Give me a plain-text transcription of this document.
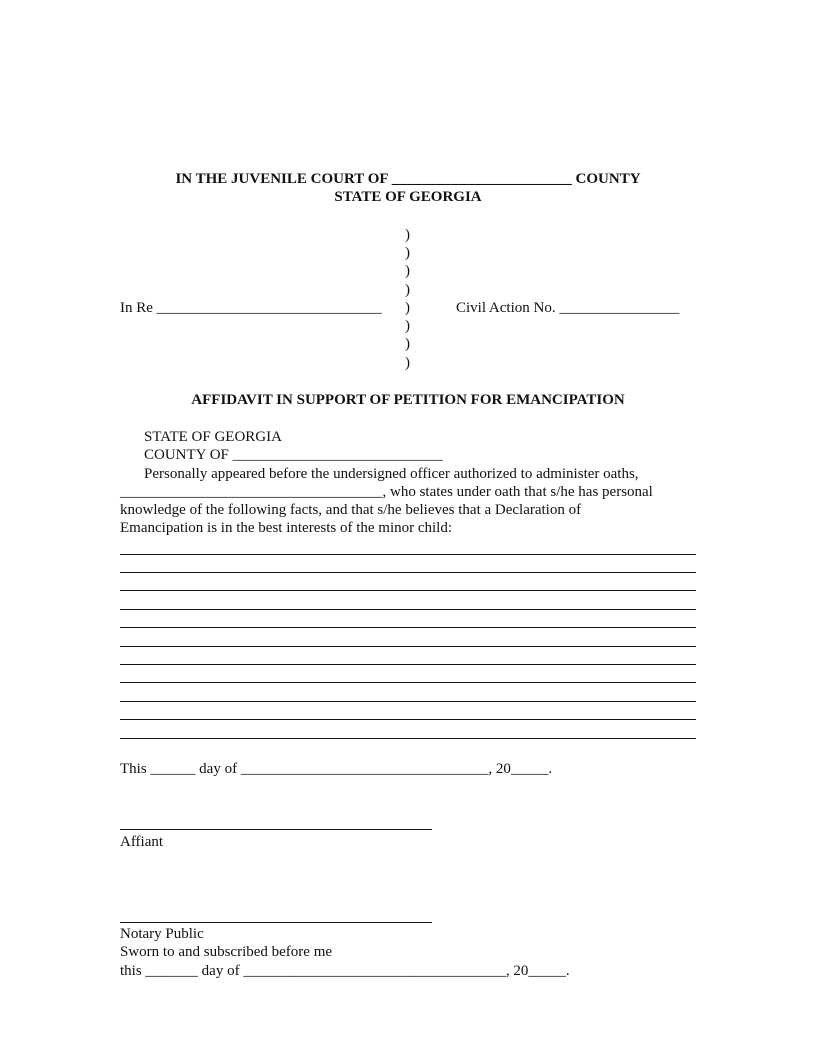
IN THE JUVENILE COURT OF ________________________ COUNTY
STATE OF GEORGIA
)
)
)
)
)
)
)
)
In Re ______________________________	Civil Action No. ________________
AFFIDAVIT IN SUPPORT OF PETITION FOR EMANCIPATION
STATE OF GEORGIA
COUNTY OF ____________________________
Personally appeared before the undersigned officer authorized to administer oaths,
___________________________________, who states under oath that s/he has personal
knowledge of the following facts, and that s/he believes that a Declaration of
Emancipation is in the best interests of the minor child:
This ______ day of _________________________________, 20_____.
Affiant
Notary Public
Sworn to and subscribed before me
this _______ day of ___________________________________, 20_____.
